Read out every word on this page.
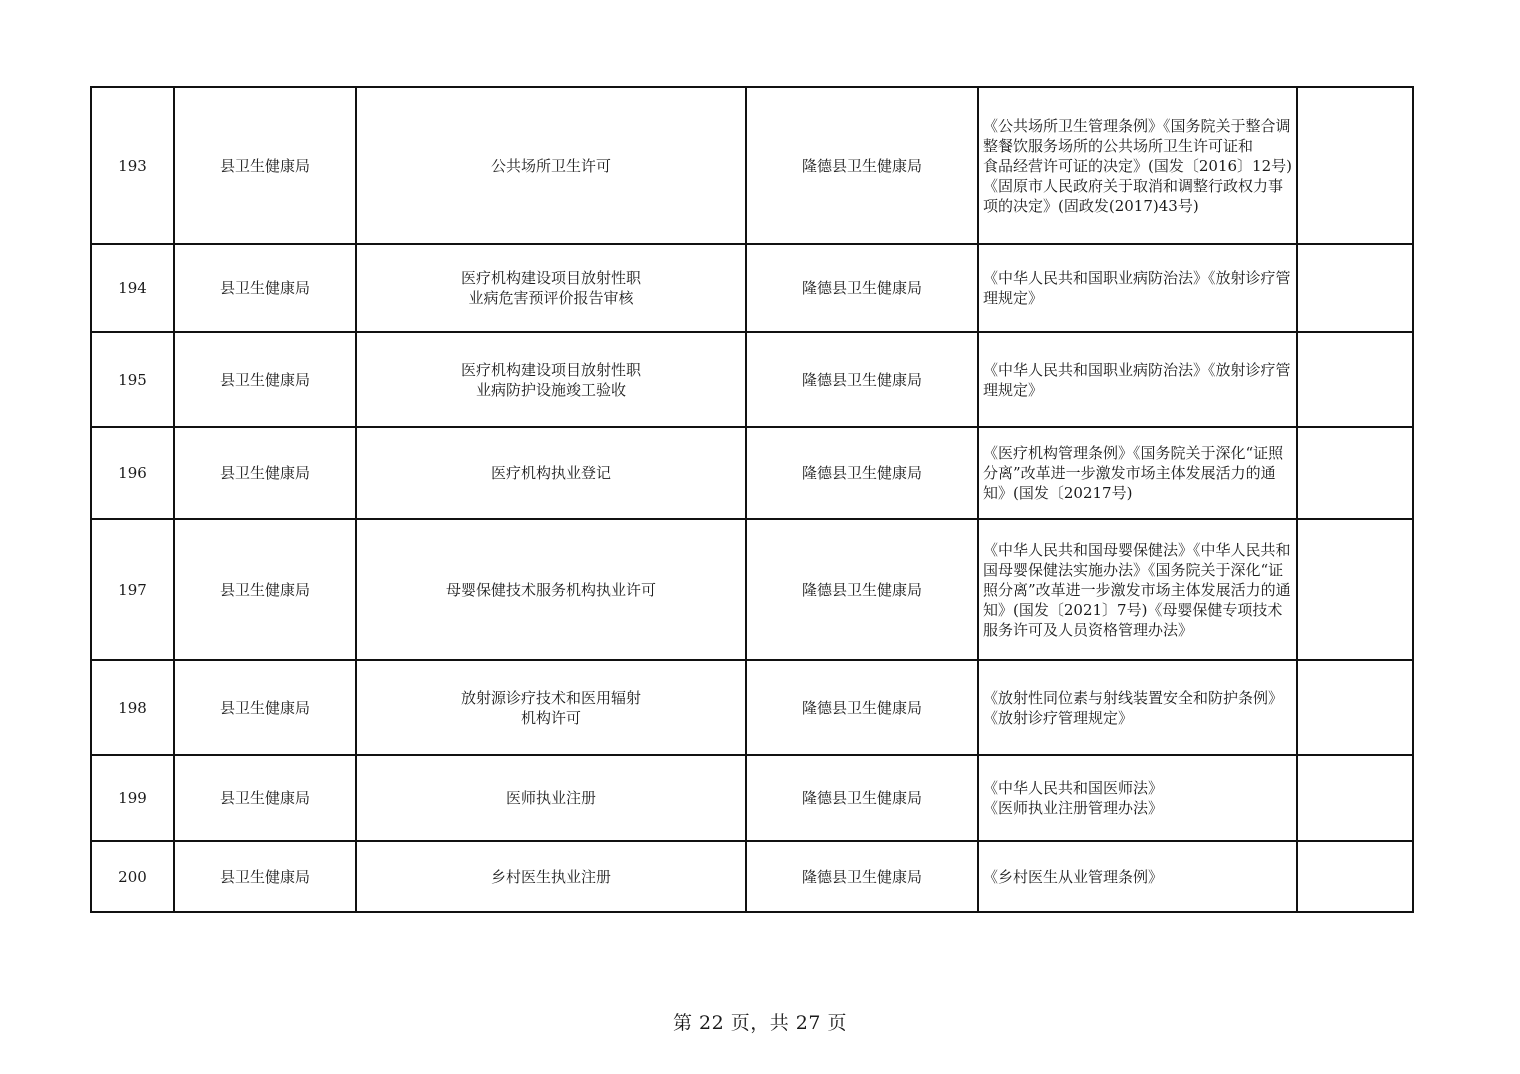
193	县卫生健康局	公共场所卫生许可	隆德县卫生健康局	《公共场所卫生管理条例》《国务院关于整合调整餐饮服务场所的公共场所卫生许可证和
食品经营许可证的决定》(国发〔2016〕12号)
《固原市人民政府关于取消和调整行政权力事项的决定》(固政发(2017)43号)	
194	县卫生健康局	医疗机构建设项目放射性职
业病危害预评价报告审核	隆德县卫生健康局	《中华人民共和国职业病防治法》《放射诊疗管理规定》	
195	县卫生健康局	医疗机构建设项目放射性职
业病防护设施竣工验收	隆德县卫生健康局	《中华人民共和国职业病防治法》《放射诊疗管理规定》	
196	县卫生健康局	医疗机构执业登记	隆德县卫生健康局	《医疗机构管理条例》《国务院关于深化“证照分离”改革进一步激发市场主体发展活力的通知》(国发〔20217号)	
197	县卫生健康局	母婴保健技术服务机构执业许可	隆德县卫生健康局	《中华人民共和国母婴保健法》《中华人民共和国母婴保健法实施办法》《国务院关于深化“证照分离”改革进一步激发市场主体发展活力的通知》(国发〔2021〕7号)《母婴保健专项技术服务许可及人员资格管理办法》	
198	县卫生健康局	放射源诊疗技术和医用辐射
机构许可	隆德县卫生健康局	《放射性同位素与射线装置安全和防护条例》
《放射诊疗管理规定》	
199	县卫生健康局	医师执业注册	隆德县卫生健康局	《中华人民共和国医师法》
《医师执业注册管理办法》	
200	县卫生健康局	乡村医生执业注册	隆德县卫生健康局	《乡村医生从业管理条例》	
第 22 页，共 27 页
